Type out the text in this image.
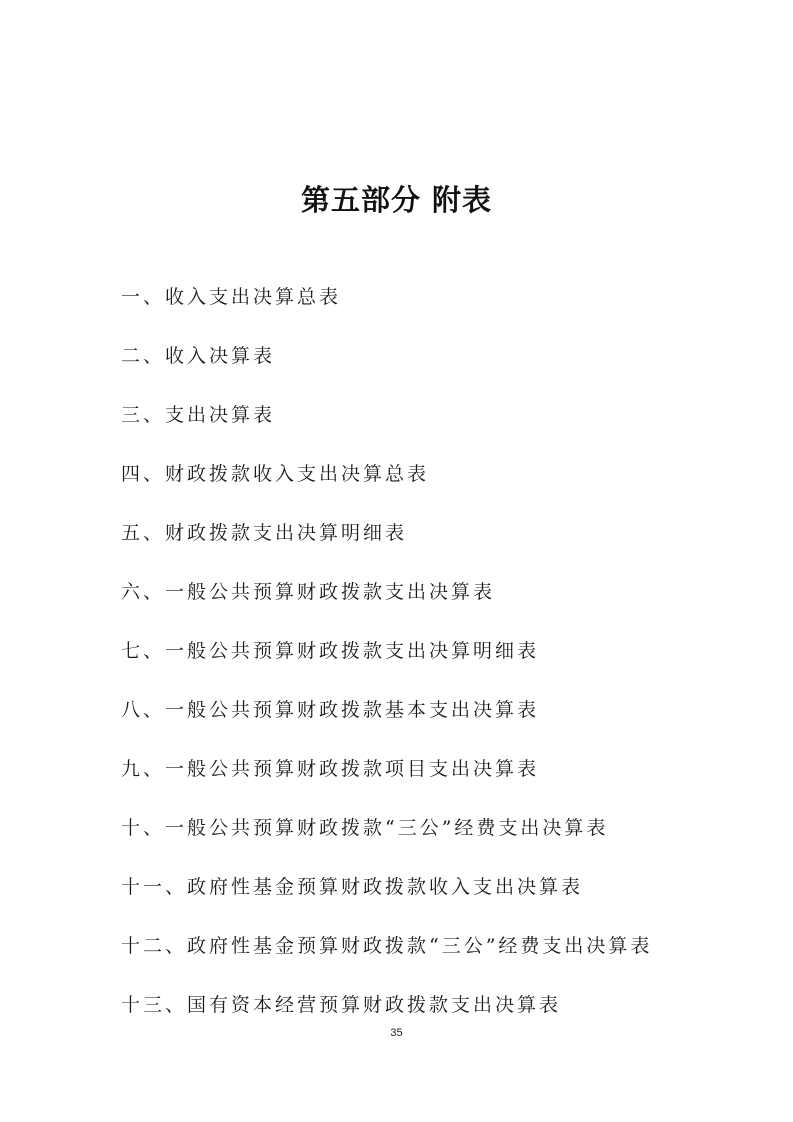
第五部分 附表
一、收入支出决算总表
二、收入决算表
三、支出决算表
四、财政拨款收入支出决算总表
五、财政拨款支出决算明细表
六、一般公共预算财政拨款支出决算表
七、一般公共预算财政拨款支出决算明细表
八、一般公共预算财政拨款基本支出决算表
九、一般公共预算财政拨款项目支出决算表
十、一般公共预算财政拨款“三公”经费支出决算表
十一、政府性基金预算财政拨款收入支出决算表
十二、政府性基金预算财政拨款“三公”经费支出决算表
十三、国有资本经营预算财政拨款支出决算表
35
